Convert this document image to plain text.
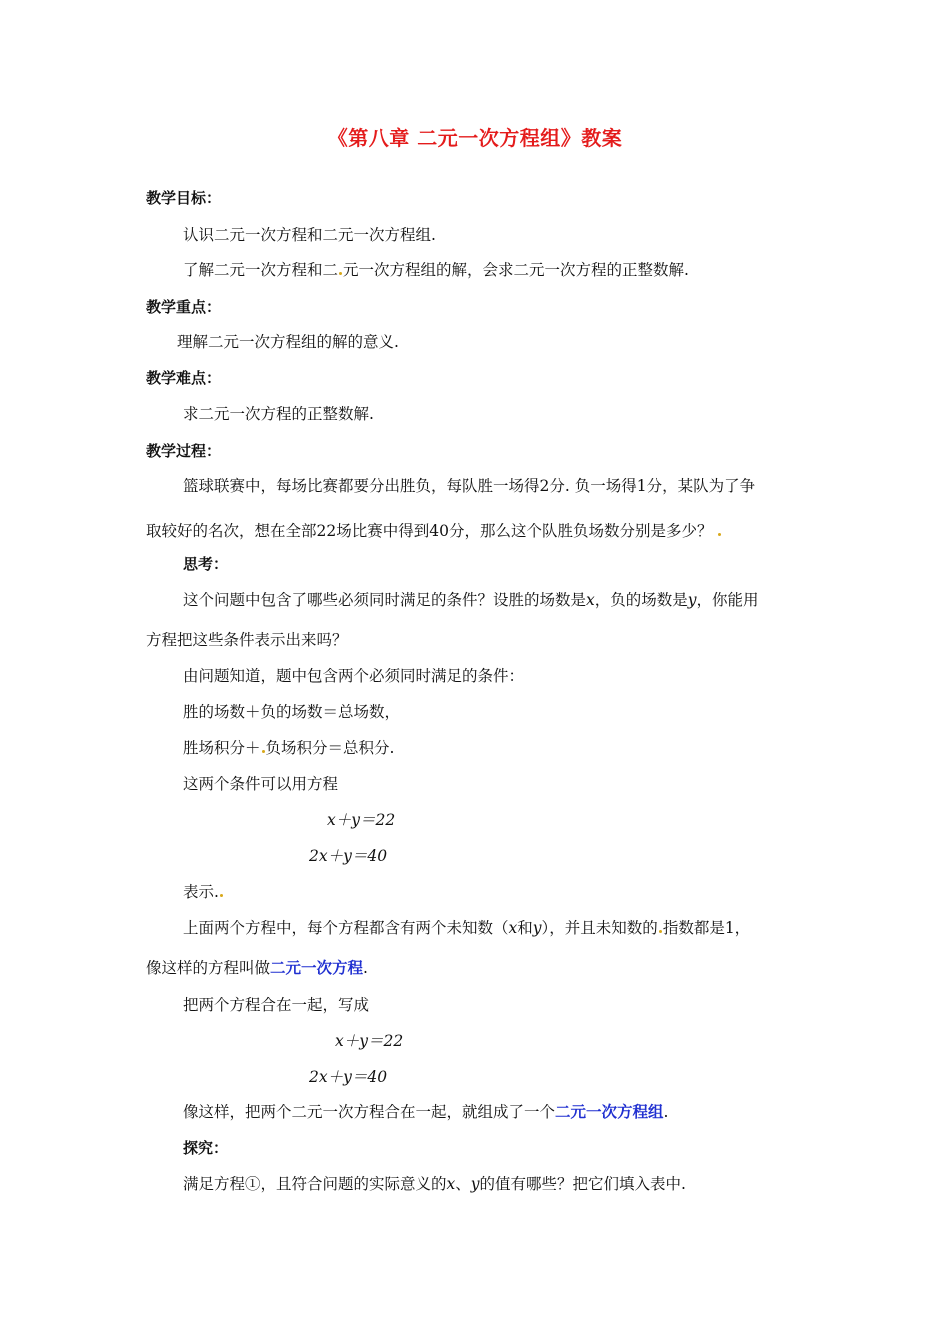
《第八章 二元一次方程组》教案
教学目标：
认识二元一次方程和二元一次方程组.
了解二元一次方程和二 元一次方程组的解，会求二元一次方程的正整数解.
教学重点：
理解二元一次方程组的解的意义.
教学难点：
求二元一次方程的正整数解.
教学过程：
篮球联赛中，每场比赛都要分出胜负，每队胜一场得2分. 负一场得1分，某队为了争
取较好的名次，想在全部22场比赛中得到40分，那么这个队胜负场数分别是多少？
思考：
这个问题中包含了哪些必须同时满足的条件？设胜的场数是x，负的场数是y，你能用
方程把这些条件表示出来吗？
由问题知道，题中包含两个必须同时满足的条件：
胜的场数＋负的场数＝总场数，
胜场积分＋ 负场积分＝总积分.
这两个条件可以用方程
x＋y＝22
2x＋y＝40
表示.
上面两个方程中，每个方程都含有两个未知数（x和y），并且未知数的 指数都是1，
像这样的方程叫做二元一次方程.
把两个方程合在一起，写成
x＋y＝22
2x＋y＝40
像这样，把两个二元一次方程合在一起，就组成了一个二元一次方程组.
探究：
满足方程①，且符合问题的实际意义的x、y的值有哪些？把它们填入表中.
